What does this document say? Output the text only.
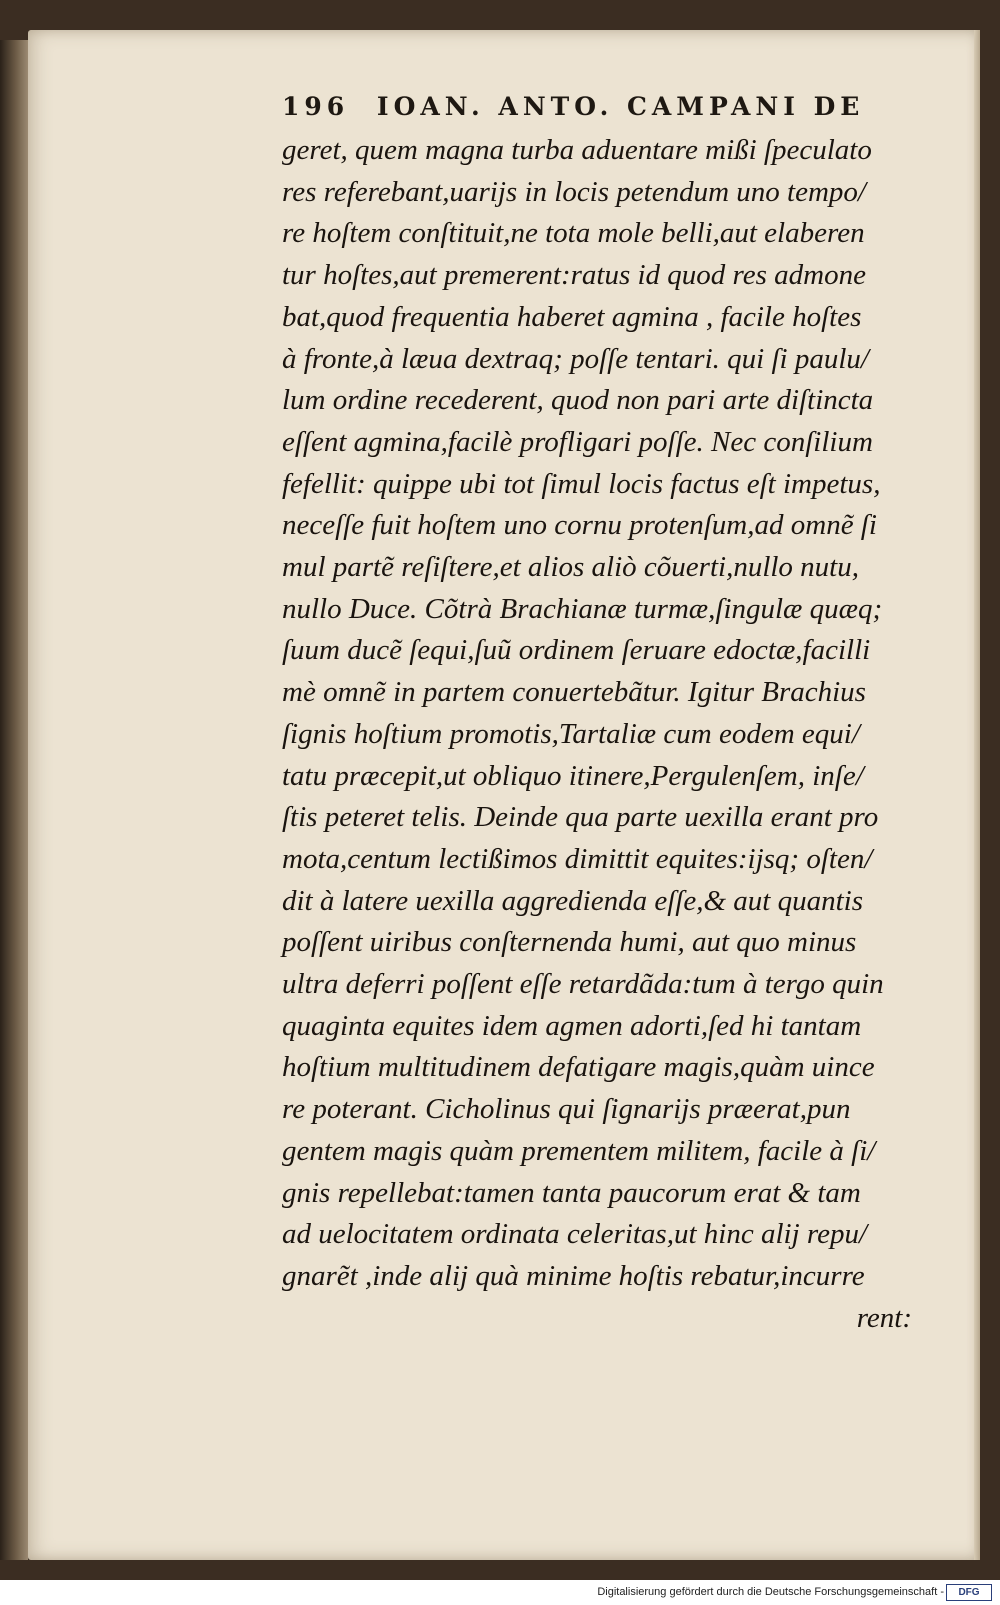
196 IOAN. ANTO. CAMPANI DE
geret, quem magna turba aduentare mißi ſpeculato
res referebant,uarijs in locis petendum uno tempo/
re hoſtem conſtituit,ne tota mole belli,aut elaberen
tur hoſtes,aut premerent:ratus id quod res admone
bat,quod frequentia haberet agmina , facile hoſtes
à fronte,à læua dextraq; poſſe tentari. qui ſi paulu/
lum ordine recederent, quod non pari arte diſtincta
eſſent agmina,facilè profligari poſſe. Nec conſilium
fefellit: quippe ubi tot ſimul locis factus eſt impetus,
neceſſe fuit hoſtem uno cornu protenſum,ad omnẽ ſi
mul partẽ reſiſtere,et alios aliò cõuerti,nullo nutu,
nullo Duce. Cõtrà Brachianæ turmæ,ſingulæ quæq;
ſuum ducẽ ſequi,ſuũ ordinem ſeruare edoctæ,facilli
mè omnẽ in partem conuertebãtur. Igitur Brachius
ſignis hoſtium promotis,Tartaliæ cum eodem equi/
tatu præcepit,ut obliquo itinere,Pergulenſem, inſe/
ſtis peteret telis. Deinde qua parte uexilla erant pro
mota,centum lectißimos dimittit equites:ijsq; oſten/
dit à latere uexilla aggredienda eſſe,& aut quantis
poſſent uiribus conſternenda humi, aut quo minus
ultra deferri poſſent eſſe retardãda:tum à tergo quin
quaginta equites idem agmen adorti,ſed hi tantam
hoſtium multitudinem defatigare magis,quàm uince
re poterant. Cicholinus qui ſignarijs præerat,pun
gentem magis quàm prementem militem, facile à ſi/
gnis repellebat:tamen tanta paucorum erat & tam
ad uelocitatem ordinata celeritas,ut hinc alij repu/
gnarẽt ,inde alij quà minime hoſtis rebatur,incurre
rent:
Digitalisierung gefördert durch die Deutsche Forschungsgemeinschaft -	DFG
